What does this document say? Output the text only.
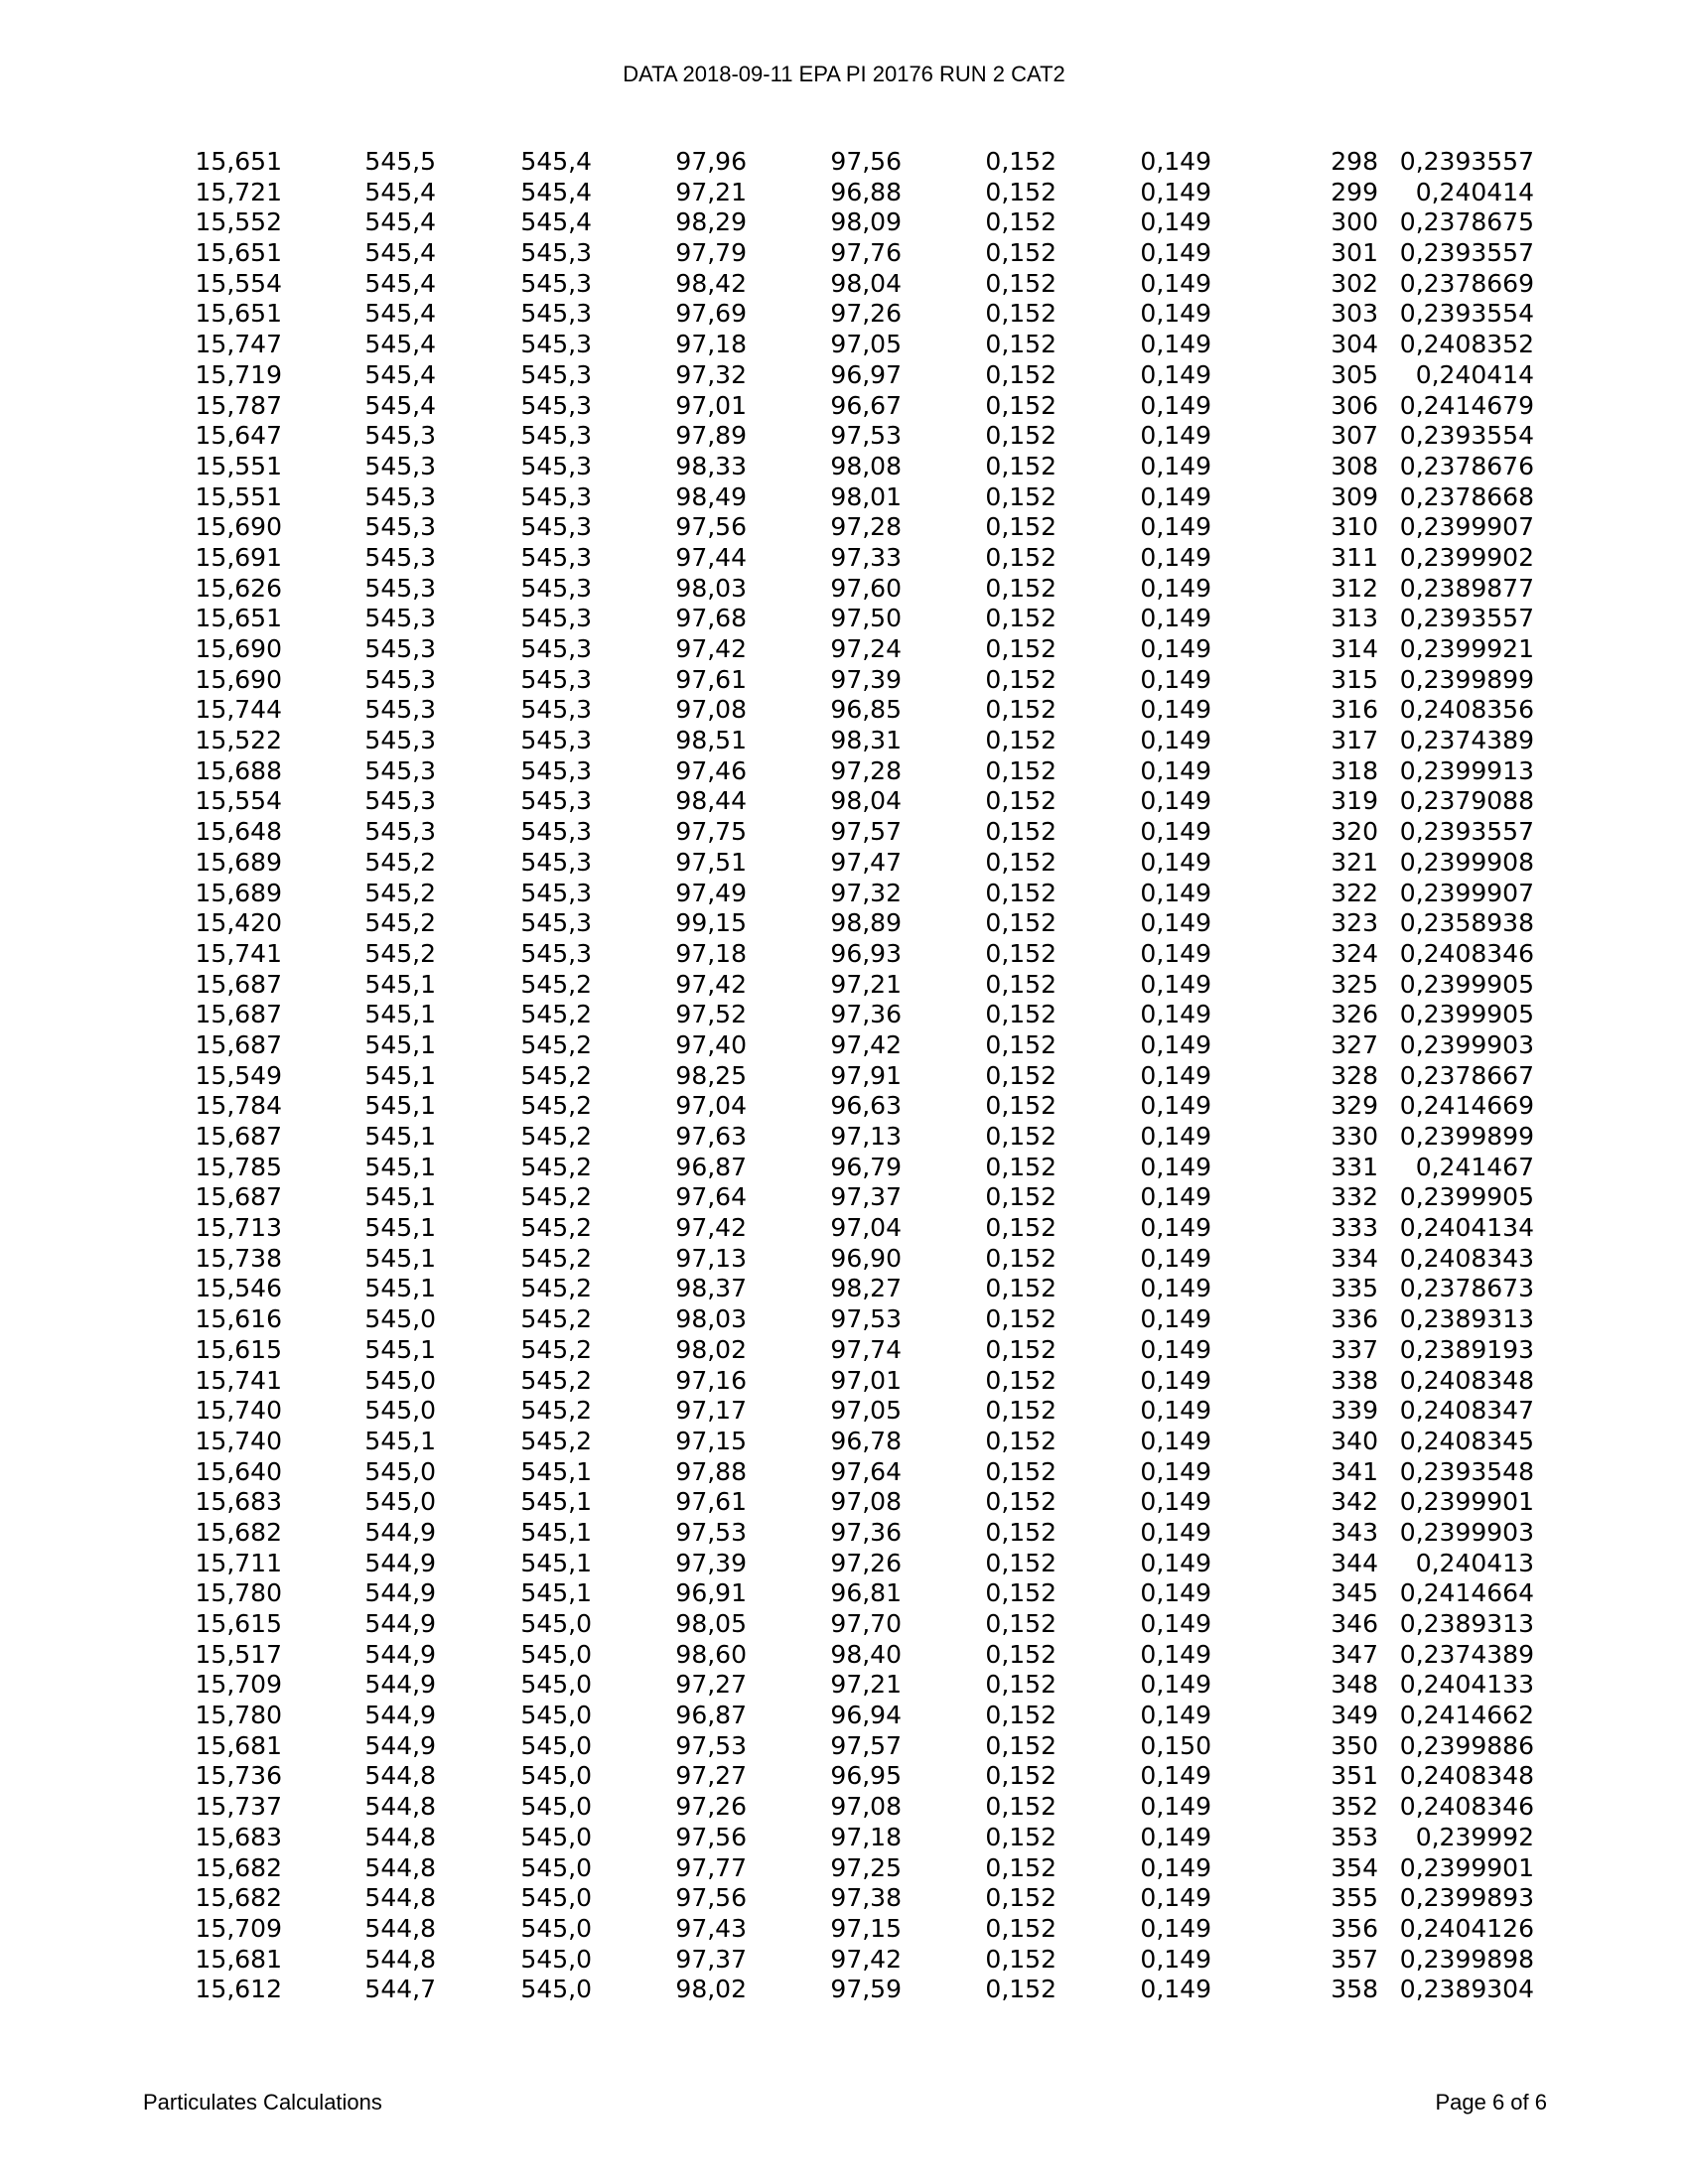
DATA 2018-09-11 EPA PI 20176 RUN 2 CAT2
15,651	545,5	545,4	97,96	97,56	0,152	0,149	298 0,2393557
15,721	545,4	545,4	97,21	96,88	0,152	0,149	299 0,240414
15,552	545,4	545,4	98,29	98,09	0,152	0,149	300 0,2378675
15,651	545,4	545,3	97,79	97,76	0,152	0,149	301 0,2393557
15,554	545,4	545,3	98,42	98,04	0,152	0,149	302 0,2378669
15,651	545,4	545,3	97,69	97,26	0,152	0,149	303 0,2393554
15,747	545,4	545,3	97,18	97,05	0,152	0,149	304 0,2408352
15,719	545,4	545,3	97,32	96,97	0,152	0,149	305 0,240414
15,787	545,4	545,3	97,01	96,67	0,152	0,149	306 0,2414679
15,647	545,3	545,3	97,89	97,53	0,152	0,149	307 0,2393554
15,551	545,3	545,3	98,33	98,08	0,152	0,149	308 0,2378676
15,551	545,3	545,3	98,49	98,01	0,152	0,149	309 0,2378668
15,690	545,3	545,3	97,56	97,28	0,152	0,149	310 0,2399907
15,691	545,3	545,3	97,44	97,33	0,152	0,149	311 0,2399902
15,626	545,3	545,3	98,03	97,60	0,152	0,149	312 0,2389877
15,651	545,3	545,3	97,68	97,50	0,152	0,149	313 0,2393557
15,690	545,3	545,3	97,42	97,24	0,152	0,149	314 0,2399921
15,690	545,3	545,3	97,61	97,39	0,152	0,149	315 0,2399899
15,744	545,3	545,3	97,08	96,85	0,152	0,149	316 0,2408356
15,522	545,3	545,3	98,51	98,31	0,152	0,149	317 0,2374389
15,688	545,3	545,3	97,46	97,28	0,152	0,149	318 0,2399913
15,554	545,3	545,3	98,44	98,04	0,152	0,149	319 0,2379088
15,648	545,3	545,3	97,75	97,57	0,152	0,149	320 0,2393557
15,689	545,2	545,3	97,51	97,47	0,152	0,149	321 0,2399908
15,689	545,2	545,3	97,49	97,32	0,152	0,149	322 0,2399907
15,420	545,2	545,3	99,15	98,89	0,152	0,149	323 0,2358938
15,741	545,2	545,3	97,18	96,93	0,152	0,149	324 0,2408346
15,687	545,1	545,2	97,42	97,21	0,152	0,149	325 0,2399905
15,687	545,1	545,2	97,52	97,36	0,152	0,149	326 0,2399905
15,687	545,1	545,2	97,40	97,42	0,152	0,149	327 0,2399903
15,549	545,1	545,2	98,25	97,91	0,152	0,149	328 0,2378667
15,784	545,1	545,2	97,04	96,63	0,152	0,149	329 0,2414669
15,687	545,1	545,2	97,63	97,13	0,152	0,149	330 0,2399899
15,785	545,1	545,2	96,87	96,79	0,152	0,149	331 0,241467
15,687	545,1	545,2	97,64	97,37	0,152	0,149	332 0,2399905
15,713	545,1	545,2	97,42	97,04	0,152	0,149	333 0,2404134
15,738	545,1	545,2	97,13	96,90	0,152	0,149	334 0,2408343
15,546	545,1	545,2	98,37	98,27	0,152	0,149	335 0,2378673
15,616	545,0	545,2	98,03	97,53	0,152	0,149	336 0,2389313
15,615	545,1	545,2	98,02	97,74	0,152	0,149	337 0,2389193
15,741	545,0	545,2	97,16	97,01	0,152	0,149	338 0,2408348
15,740	545,0	545,2	97,17	97,05	0,152	0,149	339 0,2408347
15,740	545,1	545,2	97,15	96,78	0,152	0,149	340 0,2408345
15,640	545,0	545,1	97,88	97,64	0,152	0,149	341 0,2393548
15,683	545,0	545,1	97,61	97,08	0,152	0,149	342 0,2399901
15,682	544,9	545,1	97,53	97,36	0,152	0,149	343 0,2399903
15,711	544,9	545,1	97,39	97,26	0,152	0,149	344 0,240413
15,780	544,9	545,1	96,91	96,81	0,152	0,149	345 0,2414664
15,615	544,9	545,0	98,05	97,70	0,152	0,149	346 0,2389313
15,517	544,9	545,0	98,60	98,40	0,152	0,149	347 0,2374389
15,709	544,9	545,0	97,27	97,21	0,152	0,149	348 0,2404133
15,780	544,9	545,0	96,87	96,94	0,152	0,149	349 0,2414662
15,681	544,9	545,0	97,53	97,57	0,152	0,150	350 0,2399886
15,736	544,8	545,0	97,27	96,95	0,152	0,149	351 0,2408348
15,737	544,8	545,0	97,26	97,08	0,152	0,149	352 0,2408346
15,683	544,8	545,0	97,56	97,18	0,152	0,149	353 0,239992
15,682	544,8	545,0	97,77	97,25	0,152	0,149	354 0,2399901
15,682	544,8	545,0	97,56	97,38	0,152	0,149	355 0,2399893
15,709	544,8	545,0	97,43	97,15	0,152	0,149	356 0,2404126
15,681	544,8	545,0	97,37	97,42	0,152	0,149	357 0,2399898
15,612	544,7	545,0	98,02	97,59	0,152	0,149	358 0,2389304
Particulates Calculations	Page 6 of 6
